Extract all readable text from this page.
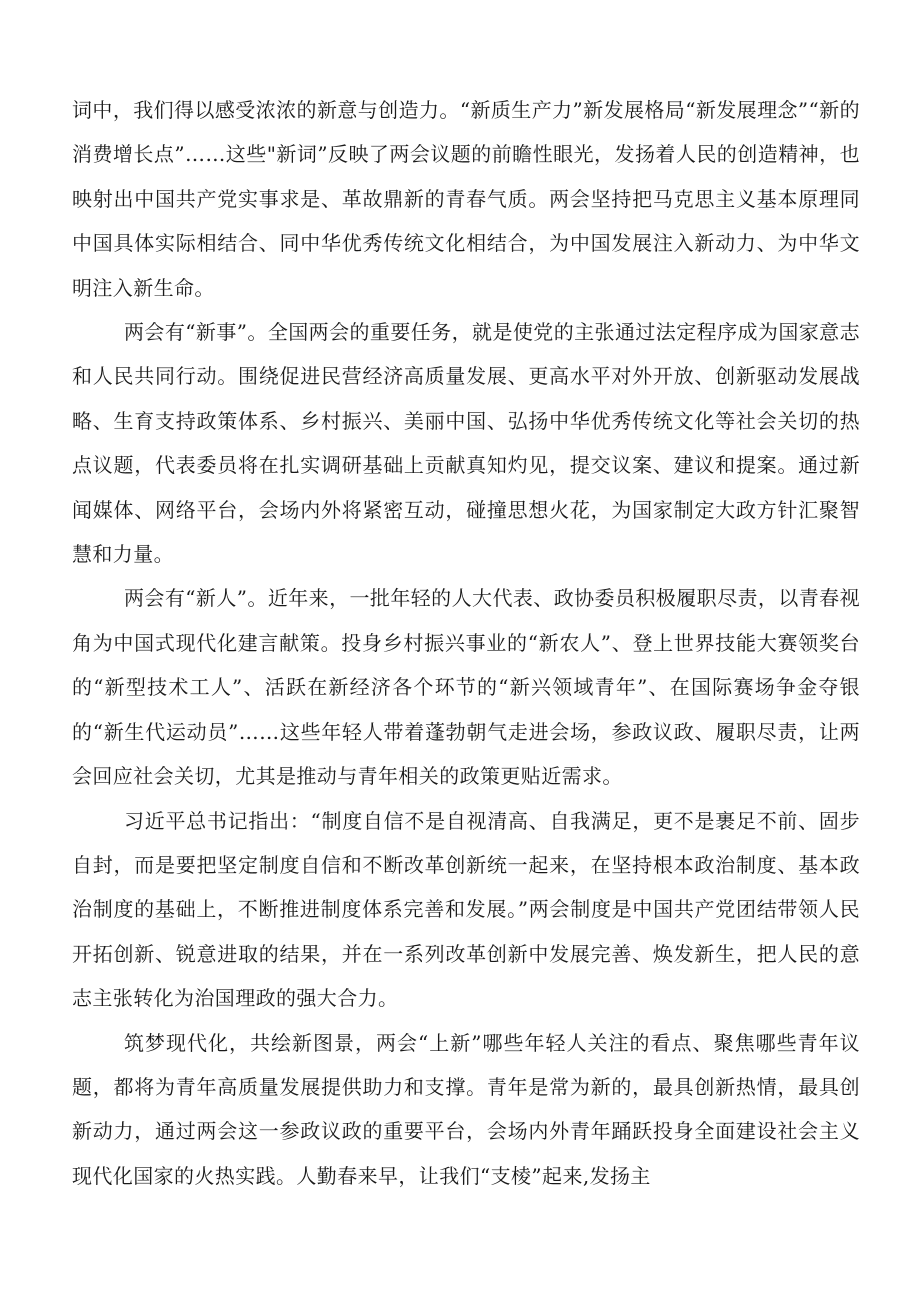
词中，我们得以感受浓浓的新意与创造力。“新质生产力”新发展格局“新发展理念”“新的消费增长点”……这些"新词”反映了两会议题的前瞻性眼光，发扬着人民的创造精神，也映射出中国共产党实事求是、革故鼎新的青春气质。两会坚持把马克思主义基本原理同中国具体实际相结合、同中华优秀传统文化相结合，为中国发展注入新动力、为中华文明注入新生命。

两会有“新事”。全国两会的重要任务，就是使党的主张通过法定程序成为国家意志和人民共同行动。围绕促进民营经济高质量发展、更高水平对外开放、创新驱动发展战略、生育支持政策体系、乡村振兴、美丽中国、弘扬中华优秀传统文化等社会关切的热点议题，代表委员将在扎实调研基础上贡献真知灼见，提交议案、建议和提案。通过新闻媒体、网络平台，会场内外将紧密互动，碰撞思想火花，为国家制定大政方针汇聚智慧和力量。

两会有“新人”。近年来，一批年轻的人大代表、政协委员积极履职尽责，以青春视角为中国式现代化建言献策。投身乡村振兴事业的“新农人”、登上世界技能大赛领奖台的“新型技术工人”、活跃在新经济各个环节的“新兴领域青年”、在国际赛场争金夺银的“新生代运动员”……这些年轻人带着蓬勃朝气走进会场，参政议政、履职尽责，让两会回应社会关切，尤其是推动与青年相关的政策更贴近需求。

习近平总书记指出：“制度自信不是自视清高、自我满足，更不是裹足不前、固步自封，而是要把坚定制度自信和不断改革创新统一起来，在坚持根本政治制度、基本政治制度的基础上，不断推进制度体系完善和发展。”两会制度是中国共产党团结带领人民开拓创新、锐意进取的结果，并在一系列改革创新中发展完善、焕发新生，把人民的意志主张转化为治国理政的强大合力。

筑梦现代化，共绘新图景，两会“上新”哪些年轻人关注的看点、聚焦哪些青年议题，都将为青年高质量发展提供助力和支撑。青年是常为新的，最具创新热情，最具创新动力，通过两会这一参政议政的重要平台，会场内外青年踊跃投身全面建设社会主义现代化国家的火热实践。人勤春来早，让我们“支棱”起来,发扬主
